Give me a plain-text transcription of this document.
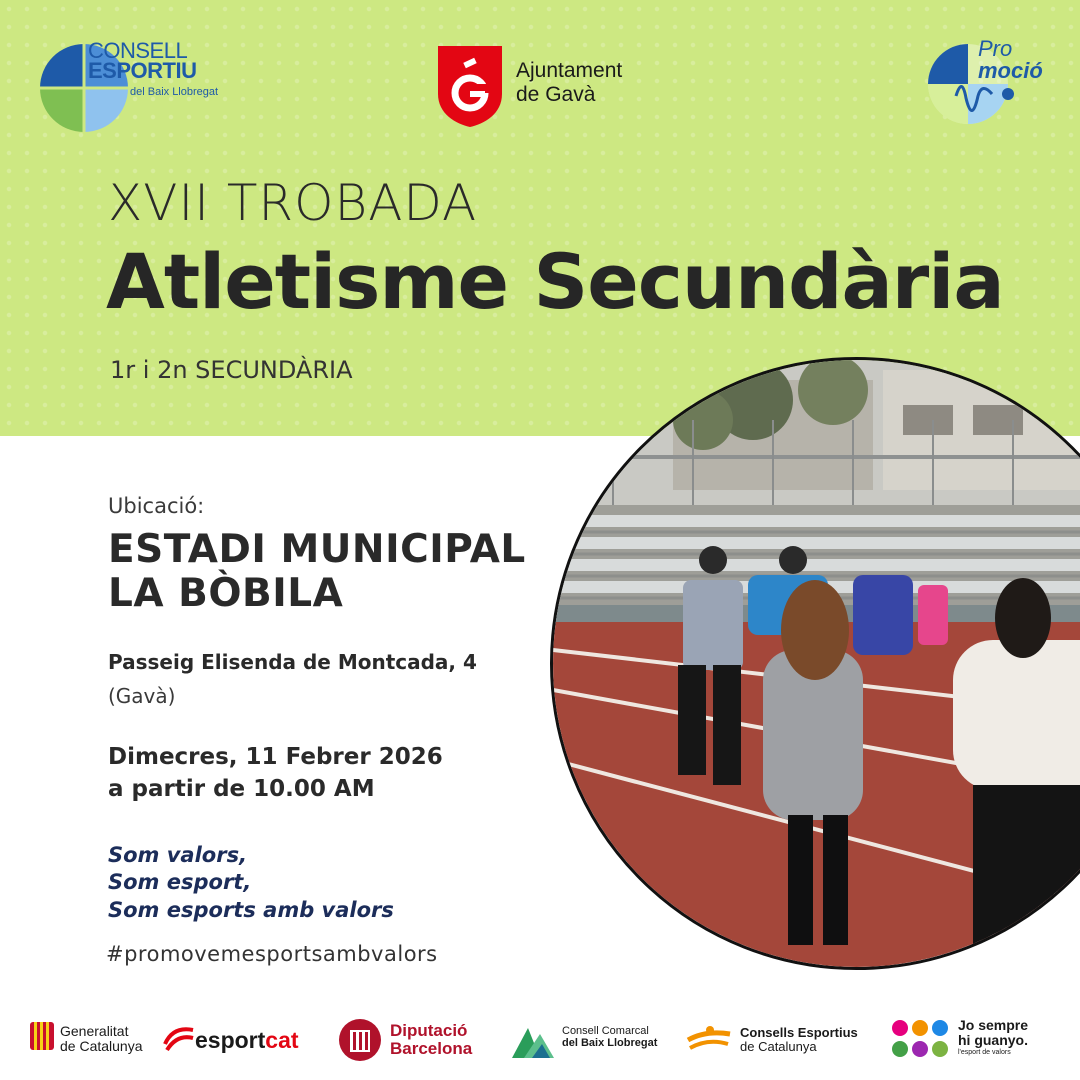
CONSELL
ESPORTIU
del Baix Llobregat
Ajuntament
de Gavà
Pro
moció
XVII TROBADA
Atletisme Secundària
1r i 2n SECUNDÀRIA
Ubicació:
ESTADI MUNICIPAL
LA BÒBILA
Passeig Elisenda de Montcada, 4
(Gavà)
Dimecres, 11 Febrer 2026
a partir de 10.00 AM
Som valors,
Som esport,
Som esports amb valors
#promovemesportsambvalors
Generalitat
de Catalunya esportcat	Diputació
Barcelona
Consell Comarcal
del Baix Llobregat
Consells Esportius
de Catalunya
Jo sempre
hi guanyo.
l'esport de valors
